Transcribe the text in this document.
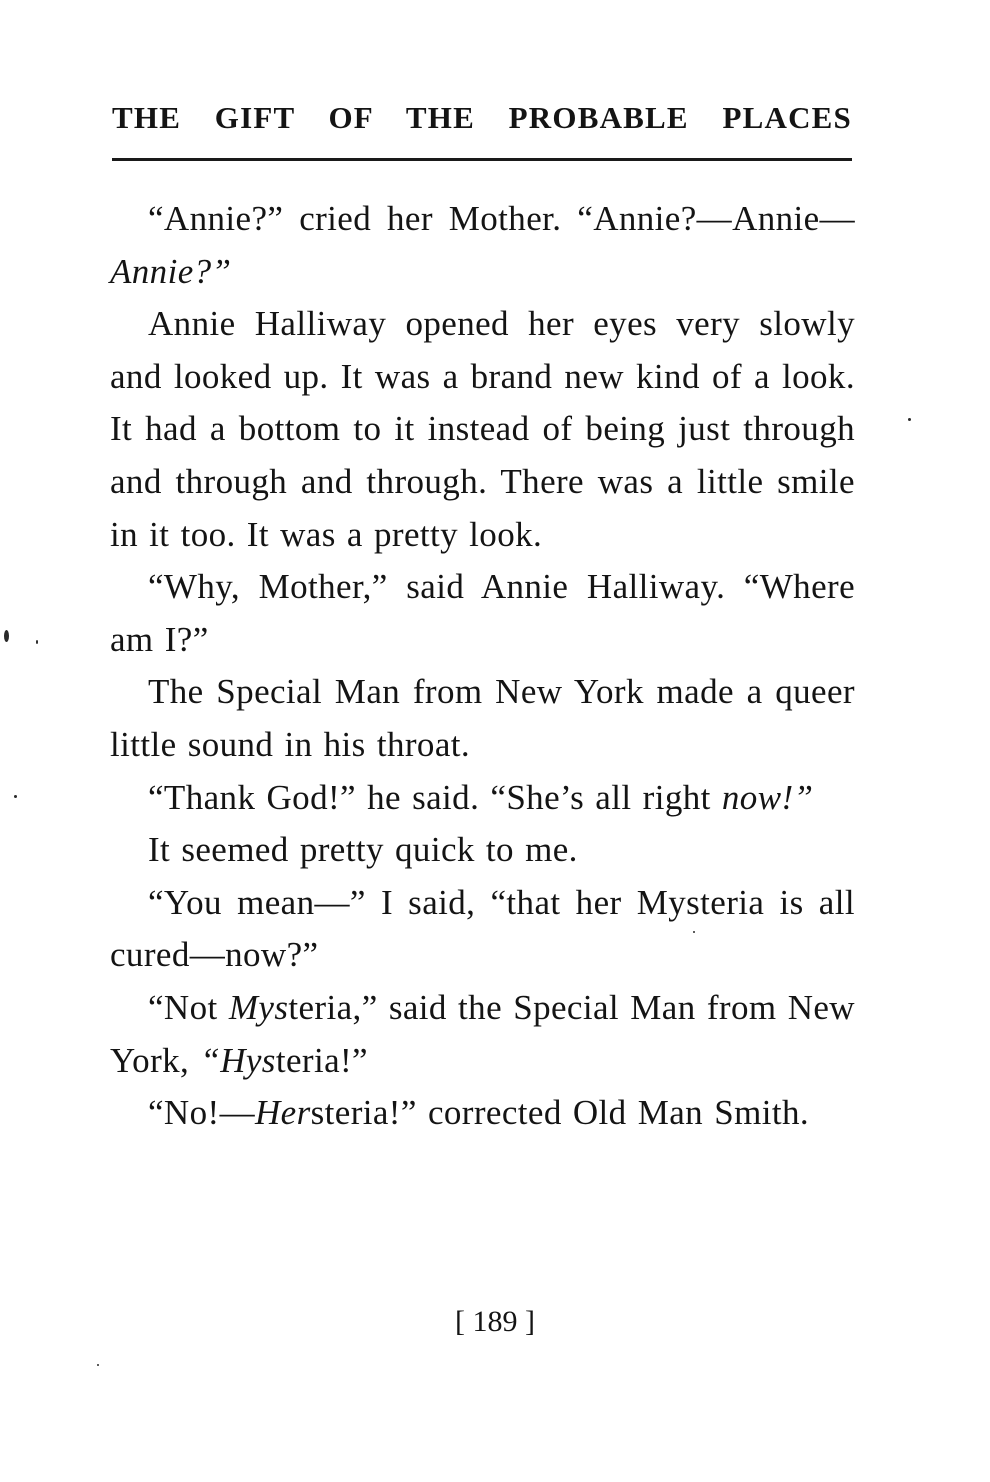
THE GIFT OF THE PROBABLE PLACES

“Annie?” cried her Mother. “Annie?—Annie—Annie?”

Annie Halliway opened her eyes very slowly and looked up. It was a brand new kind of a look. It had a bottom to it instead of being just through and through and through. There was a little smile in it too. It was a pretty look.

“Why, Mother,” said Annie Halliway. “Where am I?”

The Special Man from New York made a queer little sound in his throat.

“Thank God!” he said. “She’s all right now!”

It seemed pretty quick to me.

“You mean—” I said, “that her Mysteria is all cured—now?”

“Not Mysteria,” said the Special Man from New York, “Hysteria!”

“No!—Hersteria!” corrected Old Man Smith.

[ 189 ]
